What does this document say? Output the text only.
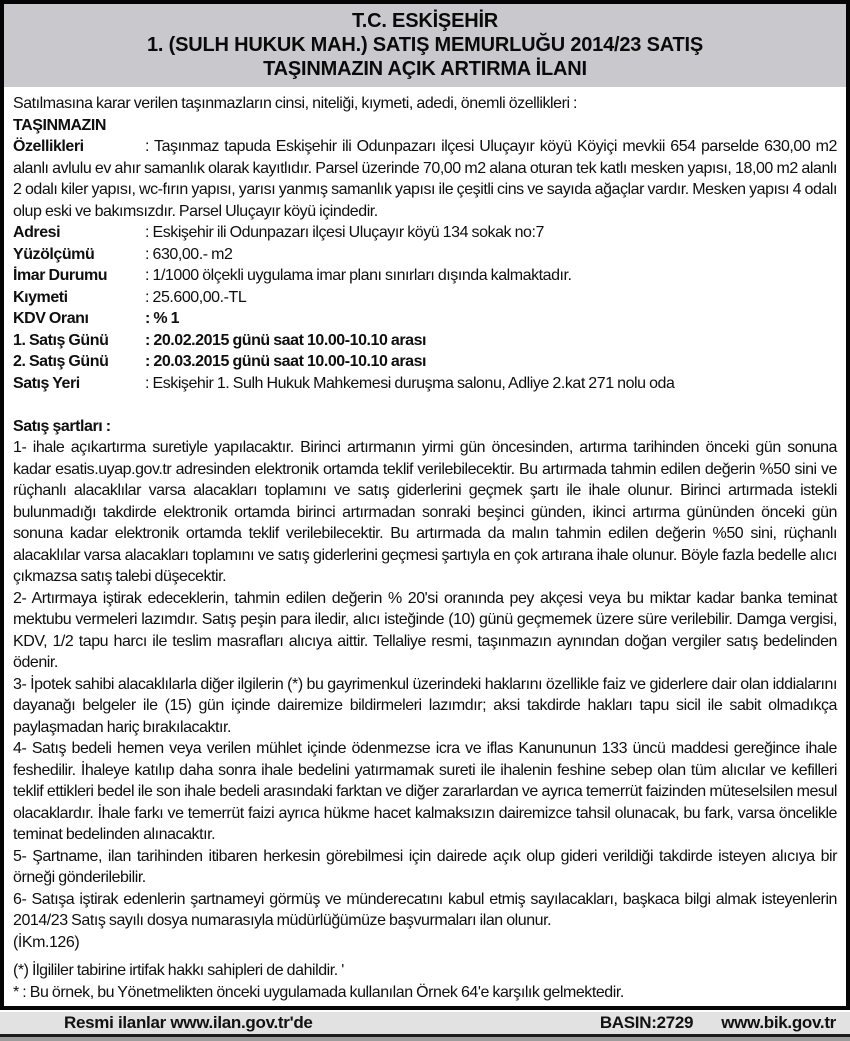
T.C. ESKİŞEHİR
1. (SULH HUKUK MAH.) SATIŞ MEMURLUĞU 2014/23 SATIŞ
TAŞINMAZIN AÇIK ARTIRMA İLANI

Satılmasına karar verilen taşınmazların cinsi, niteliği, kıymeti, adedi, önemli özellikleri :

TAŞINMAZIN

Özellikleri	: Taşınmaz tapuda Eskişehir ili Odunpazarı ilçesi Uluçayır köyü Köyiçi mevkii 654 parselde 630,00 m2 alanlı avlulu ev ahır samanlık olarak kayıtlıdır. Parsel üzerinde 70,00 m2 alana oturan tek katlı mesken yapısı, 18,00 m2 alanlı 2 odalı kiler yapısı, wc-fırın yapısı, yarısı yanmış samanlık yapısı ile çeşitli cins ve sayıda ağaçlar vardır. Mesken yapısı 4 odalı olup eski ve bakımsızdır. Parsel Uluçayır köyü içindedir.

Adresi	: Eskişehir ili Odunpazarı ilçesi Uluçayır köyü 134 sokak no:7

Yüzölçümü	: 630,00.- m2

İmar Durumu : 1/1000 ölçekli uygulama imar planı sınırları dışında kalmaktadır.

Kıymeti	: 25.600,00.-TL

KDV Oranı	: % 1

1. Satış Günü : 20.02.2015 günü saat 10.00-10.10 arası

2. Satış Günü : 20.03.2015 günü saat 10.00-10.10 arası

Satış Yeri	: Eskişehir 1. Sulh Hukuk Mahkemesi duruşma salonu, Adliye 2.kat 271 nolu oda

Satış şartları :

1- ihale açıkartırma suretiyle yapılacaktır. Birinci artırmanın yirmi gün öncesinden, artırma tarihinden önceki gün sonuna kadar esatis.uyap.gov.tr adresinden elektronik ortamda teklif verilebilecektir. Bu artırmada tahmin edilen değerin %50 sini ve rüçhanlı alacaklılar varsa alacakları toplamını ve satış giderlerini geçmek şartı ile ihale olunur. Birinci artırmada istekli bulunmadığı takdirde elektronik ortamda birinci artırmadan sonraki beşinci günden, ikinci artırma gününden önceki gün sonuna kadar elektronik ortamda teklif verilebilecektir. Bu artırmada da malın tahmin edilen değerin %50 sini, rüçhanlı alacaklılar varsa alacakları toplamını ve satış giderlerini geçmesi şartıyla en çok artırana ihale olunur. Böyle fazla bedelle alıcı çıkmazsa satış talebi düşecektir.

2- Artırmaya iştirak edeceklerin, tahmin edilen değerin % 20'si oranında pey akçesi veya bu miktar kadar banka teminat mektubu vermeleri lazımdır. Satış peşin para iledir, alıcı isteğinde (10) günü geçmemek üzere süre verilebilir. Damga vergisi, KDV, 1/2 tapu harcı ile teslim masrafları alıcıya aittir. Tellaliye resmi, taşınmazın aynından doğan vergiler satış bedelinden ödenir.

3- İpotek sahibi alacaklılarla diğer ilgilerin (*) bu gayrimenkul üzerindeki haklarını özellikle faiz ve giderlere dair olan iddialarını dayanağı belgeler ile (15) gün içinde dairemize bildirmeleri lazımdır; aksi takdirde hakları tapu sicil ile sabit olmadıkça paylaşmadan hariç bırakılacaktır.

4- Satış bedeli hemen veya verilen mühlet içinde ödenmezse icra ve iflas Kanununun 133 üncü maddesi gereğince ihale feshedilir. İhaleye katılıp daha sonra ihale bedelini yatırmamak sureti ile ihalenin feshine sebep olan tüm alıcılar ve kefilleri teklif ettikleri bedel ile son ihale bedeli arasındaki farktan ve diğer zararlardan ve ayrıca temerrüt faizinden müteselsilen mesul olacaklardır. İhale farkı ve temerrüt faizi ayrıca hükme hacet kalmaksızın dairemizce tahsil olunacak, bu fark, varsa öncelikle teminat bedelinden alınacaktır.

5- Şartname, ilan tarihinden itibaren herkesin görebilmesi için dairede açık olup gideri verildiği takdirde isteyen alıcıya bir örneği gönderilebilir.

6- Satışa iştirak edenlerin şartnameyi görmüş ve münderecatını kabul etmiş sayılacakları, başkaca bilgi almak isteyenlerin 2014/23 Satış sayılı dosya numarasıyla müdürlüğümüze başvurmaları ilan olunur.

(İKm.126)

(*) İlgililer tabirine irtifak hakkı sahipleri de dahildir. '

* : Bu örnek, bu Yönetmelikten önceki uygulamada kullanılan Örnek 64'e karşılık gelmektedir.

Resmi ilanlar www.ilan.gov.tr'de	BASIN:2729 www.bik.gov.tr
